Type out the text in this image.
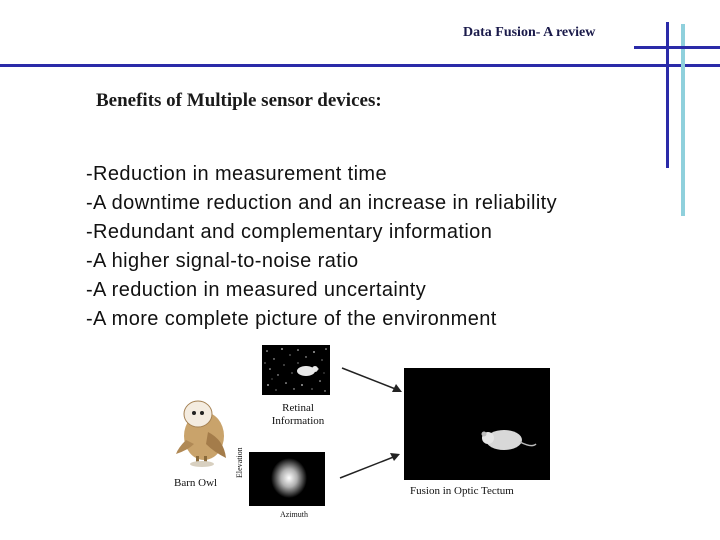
Data Fusion- A review
Benefits of Multiple sensor devices:
-Reduction in measurement time
-A downtime reduction and an increase in reliability
-Redundant and complementary information
-A higher signal-to-noise ratio
-A reduction in measured uncertainty
-A more complete picture of the environment
Retinal
Information
Barn Owl
Elevation
Azimuth
Fusion in Optic Tectum
